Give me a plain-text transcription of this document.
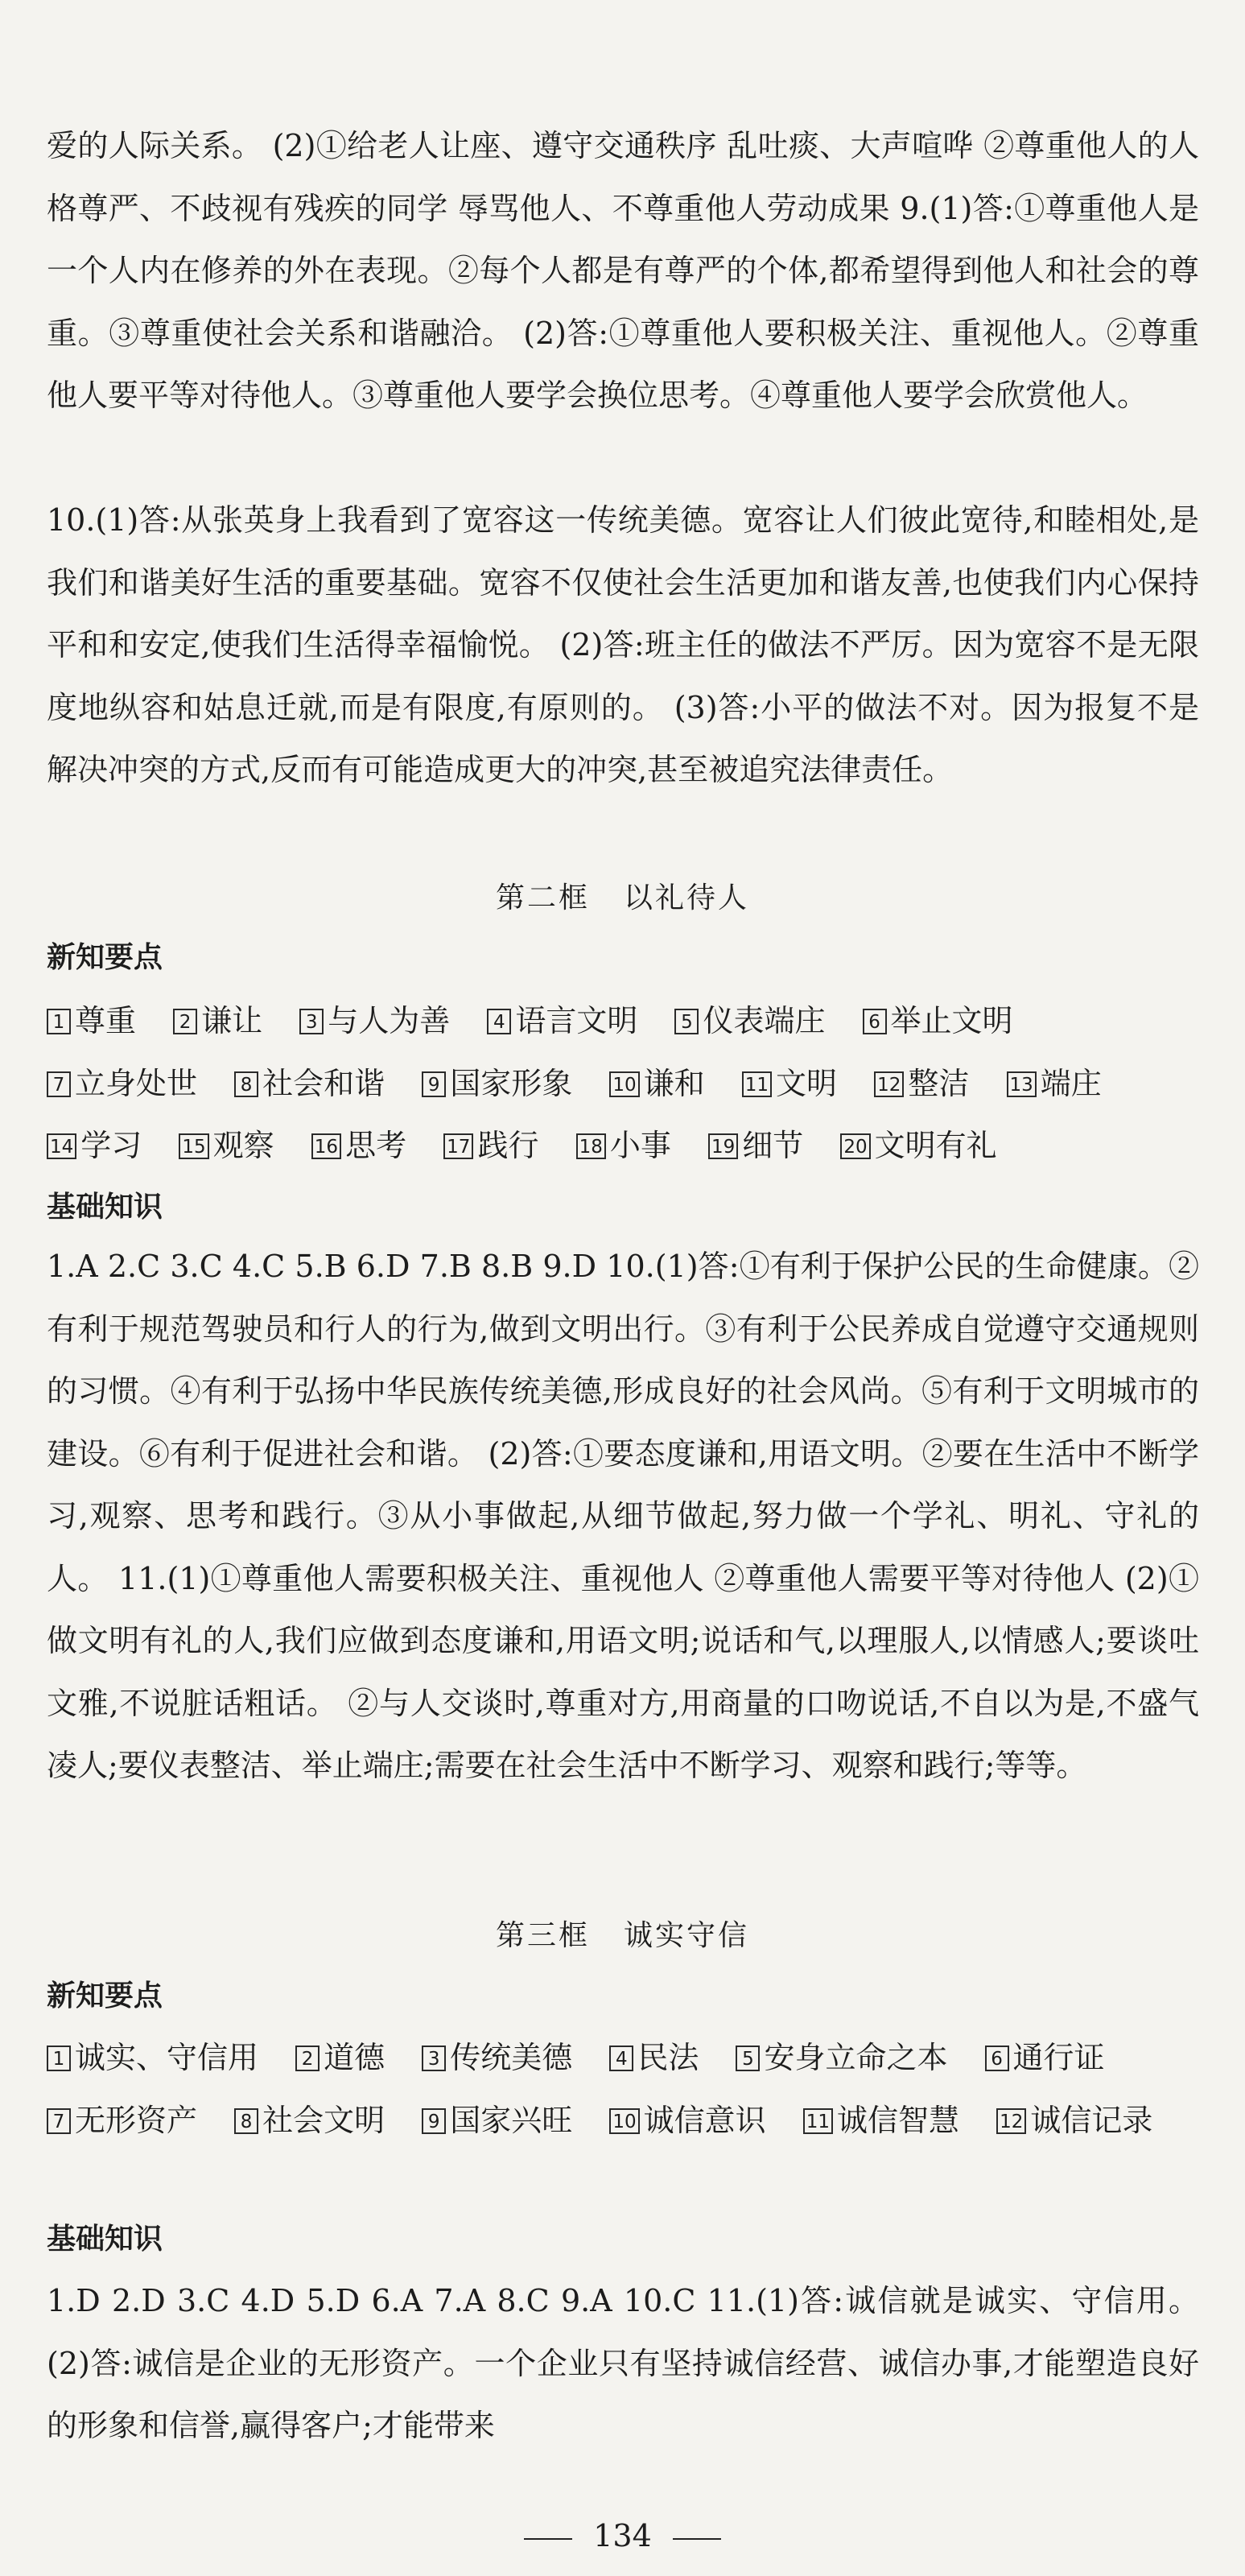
爱的人际关系。 (2)①给老人让座、遵守交通秩序 乱吐痰、大声喧哗 ②尊重他人的人格尊严、不歧视有残疾的同学 辱骂他人、不尊重他人劳动成果 9.(1)答:①尊重他人是一个人内在修养的外在表现。②每个人都是有尊严的个体,都希望得到他人和社会的尊重。③尊重使社会关系和谐融洽。 (2)答:①尊重他人要积极关注、重视他人。②尊重他人要平等对待他人。③尊重他人要学会换位思考。④尊重他人要学会欣赏他人。

10.(1)答:从张英身上我看到了宽容这一传统美德。宽容让人们彼此宽待,和睦相处,是我们和谐美好生活的重要基础。宽容不仅使社会生活更加和谐友善,也使我们内心保持平和和安定,使我们生活得幸福愉悦。 (2)答:班主任的做法不严厉。因为宽容不是无限度地纵容和姑息迁就,而是有限度,有原则的。 (3)答:小平的做法不对。因为报复不是解决冲突的方式,反而有可能造成更大的冲突,甚至被追究法律责任。

第二框 以礼待人
新知要点
1 尊重 2 谦让 3 与人为善 4 语言文明 5 仪表端庄 6 举止文明 7 立身处世 8 社会和谐 9 国家形象 10 谦和 11 文明 12 整洁 13 端庄 14 学习 15 观察 16 思考 17 践行 18 小事 19 细节 20 文明有礼
基础知识

1.A 2.C 3.C 4.C 5.B 6.D 7.B 8.B 9.D 10.(1)答:①有利于保护公民的生命健康。②有利于规范驾驶员和行人的行为,做到文明出行。③有利于公民养成自觉遵守交通规则的习惯。④有利于弘扬中华民族传统美德,形成良好的社会风尚。⑤有利于文明城市的建设。⑥有利于促进社会和谐。 (2)答:①要态度谦和,用语文明。②要在生活中不断学习,观察、思考和践行。③从小事做起,从细节做起,努力做一个学礼、明礼、守礼的人。 11.(1)①尊重他人需要积极关注、重视他人 ②尊重他人需要平等对待他人 (2)①做文明有礼的人,我们应做到态度谦和,用语文明;说话和气,以理服人,以情感人;要谈吐文雅,不说脏话粗话。 ②与人交谈时,尊重对方,用商量的口吻说话,不自以为是,不盛气凌人;要仪表整洁、举止端庄;需要在社会生活中不断学习、观察和践行;等等。

第三框 诚实守信
新知要点
1 诚实、守信用 2 道德 3 传统美德 4 民法 5 安身立命之本 6 通行证 7 无形资产 8 社会文明 9 国家兴旺 10 诚信意识 11 诚信智慧 12 诚信记录
基础知识

1.D 2.D 3.C 4.D 5.D 6.A 7.A 8.C 9.A 10.C 11.(1)答:诚信就是诚实、守信用。 (2)答:诚信是企业的无形资产。一个企业只有坚持诚信经营、诚信办事,才能塑造良好的形象和信誉,赢得客户;才能带来

134
